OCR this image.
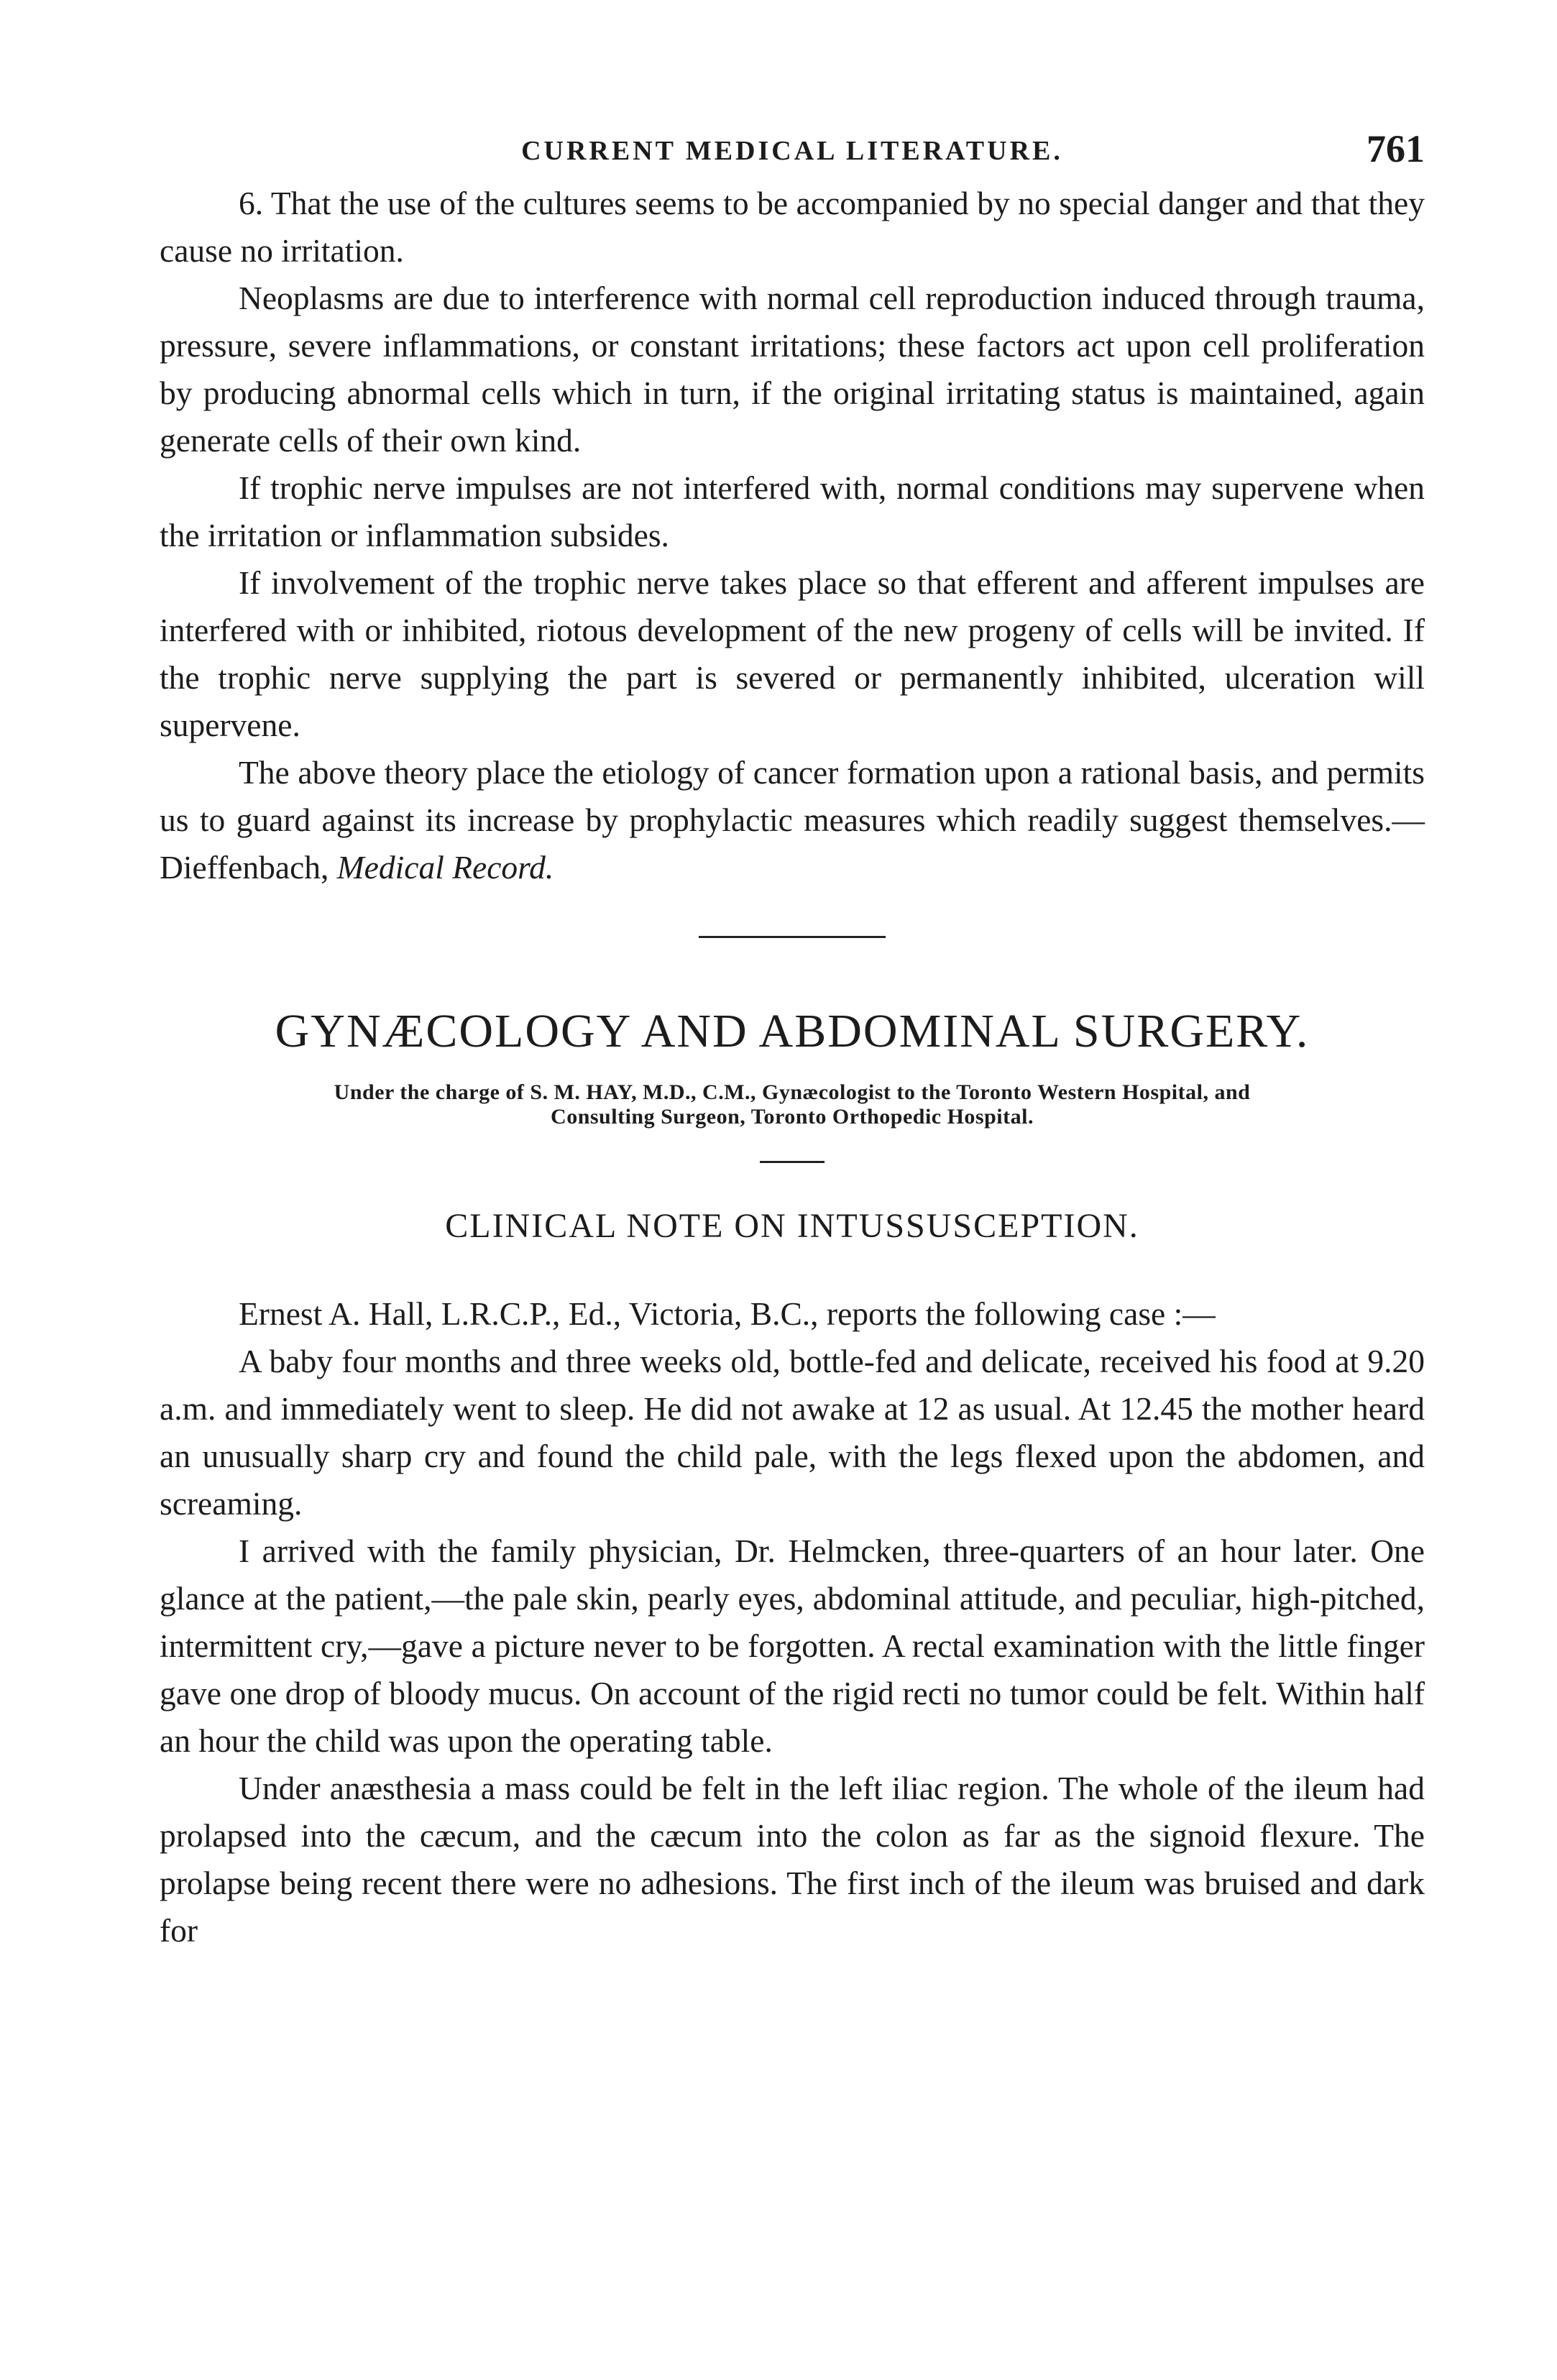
CURRENT MEDICAL LITERATURE.	761

6. That the use of the cultures seems to be accompanied by no special danger and that they cause no irritation.

Neoplasms are due to interference with normal cell reproduction induced through trauma, pressure, severe inflammations, or constant irritations; these factors act upon cell proliferation by producing abnormal cells which in turn, if the original irritating status is maintained, again generate cells of their own kind.

If trophic nerve impulses are not interfered with, normal conditions may supervene when the irritation or inflammation subsides.

If involvement of the trophic nerve takes place so that efferent and afferent impulses are interfered with or inhibited, riotous development of the new progeny of cells will be invited. If the trophic nerve supplying the part is severed or permanently inhibited, ulceration will supervene.

The above theory place the etiology of cancer formation upon a rational basis, and permits us to guard against its increase by prophylactic measures which readily suggest themselves.—Dieffenbach, Medical Record.

GYNÆCOLOGY AND ABDOMINAL SURGERY.
Under the charge of S. M. HAY, M.D., C.M., Gynæcologist to the Toronto Western Hospital, and
Consulting Surgeon, Toronto Orthopedic Hospital.
CLINICAL NOTE ON INTUSSUSCEPTION.

Ernest A. Hall, L.R.C.P., Ed., Victoria, B.C., reports the following case :—

A baby four months and three weeks old, bottle-fed and delicate, received his food at 9.20 a.m. and immediately went to sleep. He did not awake at 12 as usual. At 12.45 the mother heard an unusually sharp cry and found the child pale, with the legs flexed upon the abdomen, and screaming.

I arrived with the family physician, Dr. Helmcken, three-quarters of an hour later. One glance at the patient,—the pale skin, pearly eyes, abdominal attitude, and peculiar, high-pitched, intermittent cry,—gave a picture never to be forgotten. A rectal examination with the little finger gave one drop of bloody mucus. On account of the rigid recti no tumor could be felt. Within half an hour the child was upon the operating table.

Under anæsthesia a mass could be felt in the left iliac region. The whole of the ileum had prolapsed into the cæcum, and the cæcum into the colon as far as the signoid flexure. The prolapse being recent there were no adhesions. The first inch of the ileum was bruised and dark for
